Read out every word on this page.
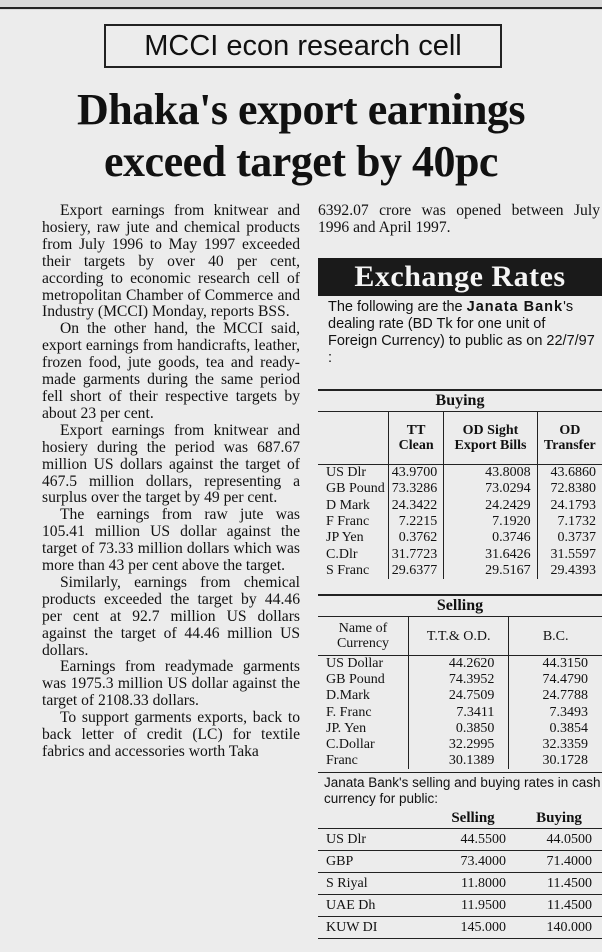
MCCI econ research cell
Dhaka's export earnings
exceed target by 40pc

Export earnings from knitwear and hosiery, raw jute and chemical products from July 1996 to May 1997 exceeded their targets by over 40 per cent, according to economic research cell of metropolitan Chamber of Commerce and Industry (MCCI) Monday, reports BSS.

On the other hand, the MCCI said, export earnings from handicrafts, leather, frozen food, jute goods, tea and ready-made garments during the same period fell short of their respective targets by about 23 per cent.

Export earnings from knitwear and hosiery during the period was 687.67 million US dollars against the target of 467.5 million dollars, representing a surplus over the target by 49 per cent.

The earnings from raw jute was 105.41 million US dollar against the target of 73.33 million dollars which was more than 43 per cent above the target.

Similarly, earnings from chemical products exceeded the target by 44.46 per cent at 92.7 million US dollars against the target of 44.46 million US dollars.

Earnings from readymade garments was 1975.3 million US dollar against the target of 2108.33 dollars.

To support garments exports, back to back letter of credit (LC) for textile fabrics and accessories worth Taka

6392.07 crore was opened between July 1996 and April 1997.
Exchange Rates
The following are the Janata Bank's dealing rate (BD Tk for one unit of Foreign Currency) to public as on 22/7/97 :
Buying			
	TT Clean	OD Sight Export Bills	OD Transfer
US Dlr	43.9700	43.8008	43.6860
GB Pound	73.3286	73.0294	72.8380
D Mark	24.3422	24.2429	24.1793
F Franc	7.2215	7.1920	7.1732
JP Yen	0.3762	0.3746	0.3737
C.Dlr	31.7723	31.6426	31.5597
S Franc	29.6377	29.5167	29.4393
Selling		
Name of Currency	T.T.& O.D.	B.C.
US Dollar	44.2620	44.3150
GB Pound	74.3952	74.4790
D.Mark	24.7509	24.7788
F. Franc	7.3411	7.3493
JP. Yen	0.3850	0.3854
C.Dollar	32.2995	32.3359
Franc	30.1389	30.1728
Janata Bank's selling and buying rates in cash currency for public:
	Selling	Buying
US Dlr	44.5500	44.0500
GBP	73.4000	71.4000
S Riyal	11.8000	11.4500
UAE Dh	11.9500	11.4500
KUW DI	145.000	140.000
